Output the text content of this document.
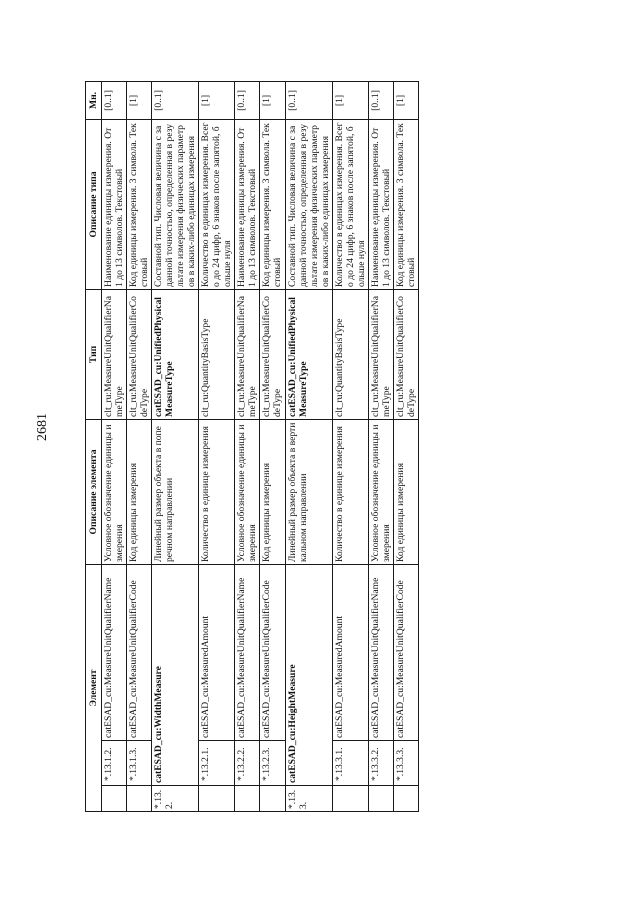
2681
Элемент			Описание элемента	Тип	Описание типа	Мн.
	*.13.1.2.	catESAD_cu:MeasureUnitQualifierName	Условное обозначение единицы измерения	clt_ru:MeasureUnitQualifierNameType	Наименование единицы измерения. От 1 до 13 символов. Текстовый	[0..1]
	*.13.1.3.	catESAD_cu:MeasureUnitQualifierCode	Код единицы измерения	clt_ru:MeasureUnitQualifierCodeType	Код единицы измерения. 3 символа. Текстовый	[1]
*.13.2.	catESAD_cu:WidthMeasure		Линейный размер объекта в поперечном направлении	catESAD_cu:UnifiedPhysicalMeasureType	Составной тип. Числовая величина с заданной точностью, определенная в результате измерения физических параметров в каких-либо единицах измерения	[0..1]
	*.13.2.1.	catESAD_cu:MeasuredAmount	Количество в единице измерения	clt_ru:QuantityBasisType	Количество в единицах измерения. Всего до 24 цифр, 6 знаков после запятой, больше нуля	[1]
	*.13.2.2.	catESAD_cu:MeasureUnitQualifierName	Условное обозначение единицы измерения	clt_ru:MeasureUnitQualifierNameType	Наименование единицы измерения. От 1 до 13 символов. Текстовый	[0..1]
	*.13.2.3.	catESAD_cu:MeasureUnitQualifierCode	Код единицы измерения	clt_ru:MeasureUnitQualifierCodeType	Код единицы измерения. 3 символа. Текстовый	[1]
*.13.3.	catESAD_cu:HeightMeasure		Линейный размер объекта в вертикальном направлении	catESAD_cu:UnifiedPhysicalMeasureType	Составной тип. Числовая величина с заданной точностью, определенная в результате измерения физических параметров в каких-либо единицах измерения	[0..1]
	*.13.3.1.	catESAD_cu:MeasuredAmount	Количество в единице измерения	clt_ru:QuantityBasisType	Количество в единицах измерения. Всего до 24 цифр, 6 знаков после запятой, больше нуля	[1]
	*.13.3.2.	catESAD_cu:MeasureUnitQualifierName	Условное обозначение единицы измерения	clt_ru:MeasureUnitQualifierNameType	Наименование единицы измерения. От 1 до 13 символов. Текстовый	[0..1]
	*.13.3.3.	catESAD_cu:MeasureUnitQualifierCode	Код единицы измерения	clt_ru:MeasureUnitQualifierCodeType	Код единицы измерения. 3 символа. Текстовый	[1]
